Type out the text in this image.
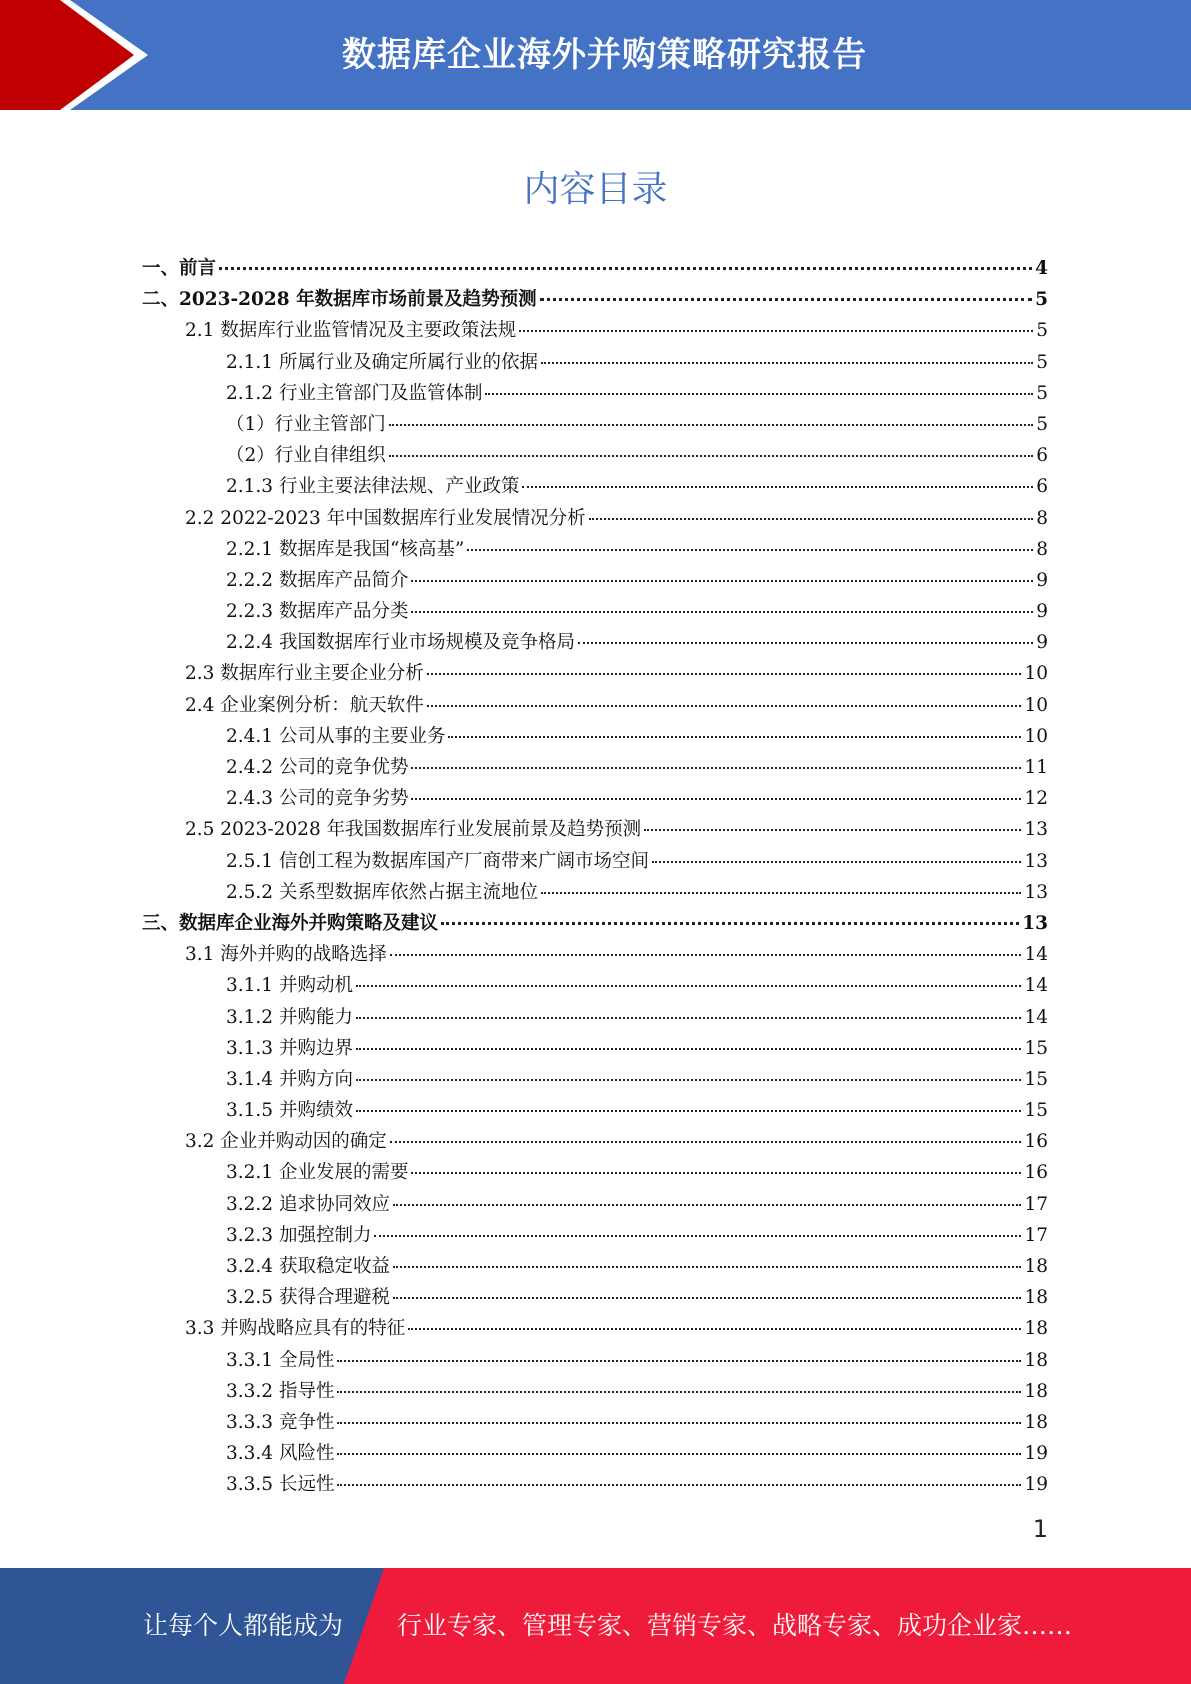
数据库企业海外并购策略研究报告
内容目录
一、前言	4
二、2023-2028 年数据库市场前景及趋势预测	5
2.1 数据库行业监管情况及主要政策法规	5
2.1.1 所属行业及确定所属行业的依据	5
2.1.2 行业主管部门及监管体制	5
（1）行业主管部门	5
（2）行业自律组织	6
2.1.3 行业主要法律法规、产业政策	6
2.2 2022-2023 年中国数据库行业发展情况分析	8
2.2.1 数据库是我国“核高基”	8
2.2.2 数据库产品简介	9
2.2.3 数据库产品分类	9
2.2.4 我国数据库行业市场规模及竞争格局	9
2.3 数据库行业主要企业分析	10
2.4 企业案例分析：航天软件	10
2.4.1 公司从事的主要业务	10
2.4.2 公司的竞争优势	11
2.4.3 公司的竞争劣势	12
2.5 2023-2028 年我国数据库行业发展前景及趋势预测	13
2.5.1 信创工程为数据库国产厂商带来广阔市场空间	13
2.5.2 关系型数据库依然占据主流地位	13
三、数据库企业海外并购策略及建议	13
3.1 海外并购的战略选择	14
3.1.1 并购动机	14
3.1.2 并购能力	14
3.1.3 并购边界	15
3.1.4 并购方向	15
3.1.5 并购绩效	15
3.2 企业并购动因的确定	16
3.2.1 企业发展的需要	16
3.2.2 追求协同效应	17
3.2.3 加强控制力	17
3.2.4 获取稳定收益	18
3.2.5 获得合理避税	18
3.3 并购战略应具有的特征	18
3.3.1 全局性	18
3.3.2 指导性	18
3.3.3 竞争性	18
3.3.4 风险性	19
3.3.5 长远性	19
1
让每个人都能成为 行业专家、管理专家、营销专家、战略专家、成功企业家……
